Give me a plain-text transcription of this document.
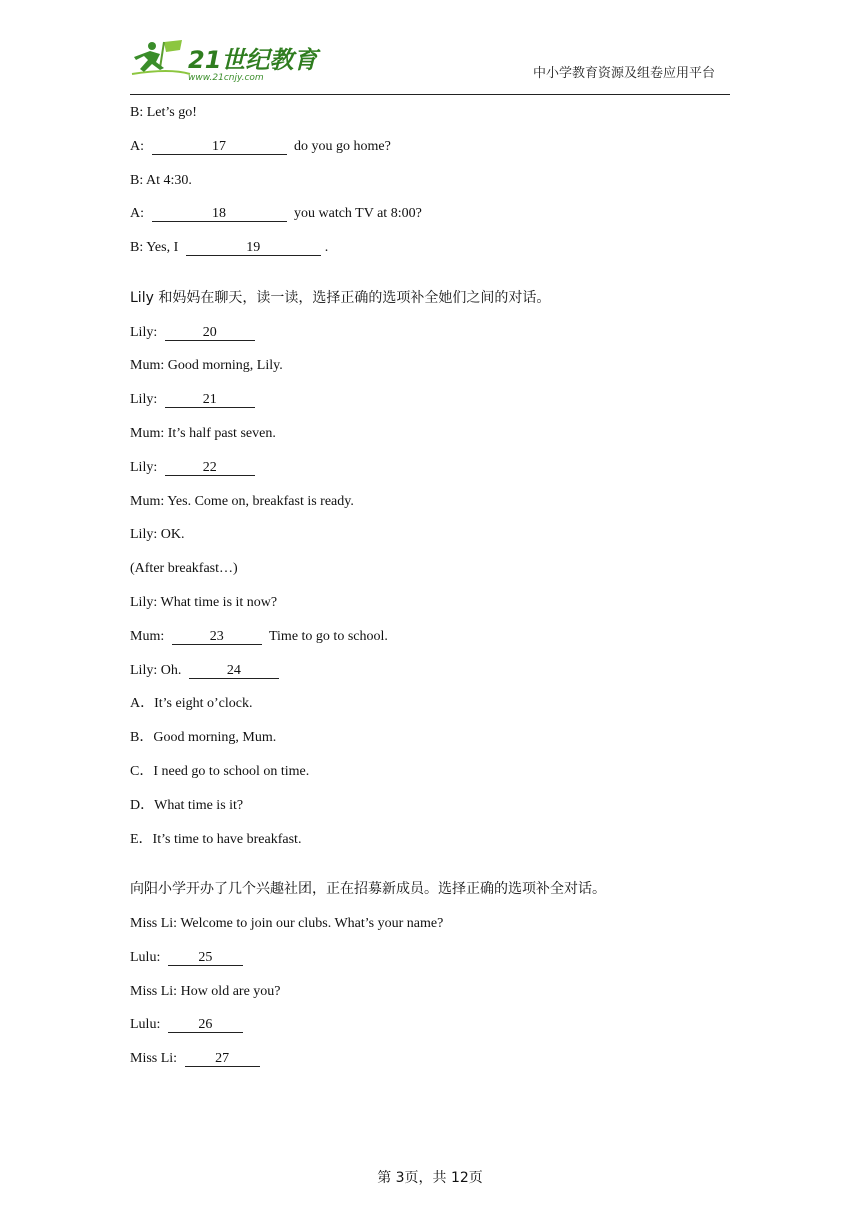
21世纪教育
www.21cnjy.com	中小学教育资源及组卷应用平台
B: Let’s go!
A:	17	do you go home?
B: At 4:30.
A:	18	you watch TV at 8:00?
B: Yes, I	19	.
Lily 和妈妈在聊天，读一读，选择正确的选项补全她们之间的对话。
Lily:	20
Mum: Good morning, Lily.
Lily:	21
Mum: It’s half past seven.
Lily:	22
Mum: Yes. Come on, breakfast is ready.
Lily: OK.
(After breakfast…)
Lily: What time is it now?
Mum:	23	Time to go to school.
Lily: Oh.	24
A．It’s eight o’clock.
B．Good morning, Mum.
C．I need go to school on time.
D．What time is it?
E．It’s time to have breakfast.
向阳小学开办了几个兴趣社团，正在招募新成员。选择正确的选项补全对话。
Miss Li: Welcome to join our clubs. What’s your name?
Lulu:	25
Miss Li: How old are you?
Lulu:	26
Miss Li:	27
第 3页，共 12页
